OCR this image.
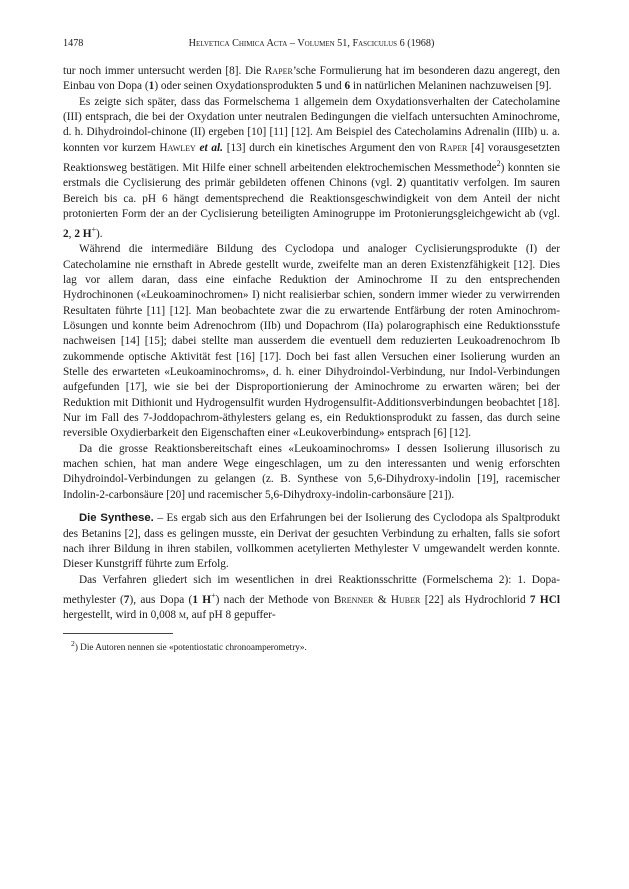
1478	Helvetica Chimica Acta – Volumen 51, Fasciculus 6 (1968)

tur noch immer untersucht werden [8]. Die Raper’sche Formulierung hat im besonderen dazu angeregt, den Einbau von Dopa (1) oder seinen Oxydationsprodukten 5 und 6 in natürlichen Melaninen nachzuweisen [9].

Es zeigte sich später, dass das Formelschema 1 allgemein dem Oxydationsverhalten der Catecholamine (III) entsprach, die bei der Oxydation unter neutralen Bedingungen die vielfach untersuchten Aminochrome, d. h. Dihydroindol-chinone (II) ergeben [10] [11] [12]. Am Beispiel des Catecholamins Adrenalin (IIIb) u. a. konnten vor kurzem Hawley et al. [13] durch ein kinetisches Argument den von Raper [4] vorausgesetzten Reaktionsweg bestätigen. Mit Hilfe einer schnell arbeitenden elektrochemischen Messmethode$^2$) konnten sie erstmals die Cyclisierung des primär gebildeten offenen Chinons (vgl. 2) quantitativ verfolgen. Im sauren Bereich bis ca. pH 6 hängt dementsprechend die Reaktionsgeschwindigkeit von dem Anteil der nicht protonierten Form der an der Cyclisierung beteiligten Aminogruppe im Protonierungsgleichgewicht ab (vgl. 2, 2 H+).

Während die intermediäre Bildung des Cyclodopa und analoger Cyclisierungsprodukte (I) der Catecholamine nie ernsthaft in Abrede gestellt wurde, zweifelte man an deren Existenzfähigkeit [12]. Dies lag vor allem daran, dass eine einfache Reduktion der Aminochrome II zu den entsprechenden Hydrochinonen («Leukoaminochromen» I) nicht realisierbar schien, sondern immer wieder zu verwirrenden Resultaten führte [11] [12]. Man beobachtete zwar die zu erwartende Entfärbung der roten Aminochrom-Lösungen und konnte beim Adrenochrom (IIb) und Dopachrom (IIa) polarographisch eine Reduktionsstufe nachweisen [14] [15]; dabei stellte man ausserdem die eventuell dem reduzierten Leukoadrenochrom Ib zukommende optische Aktivität fest [16] [17]. Doch bei fast allen Versuchen einer Isolierung wurden an Stelle des erwarteten «Leukoaminochroms», d. h. einer Dihydroindol-Verbindung, nur Indol-Verbindungen aufgefunden [17], wie sie bei der Disproportionierung der Aminochrome zu erwarten wären; bei der Reduktion mit Dithionit und Hydrogensulfit wurden Hydrogensulfit-Additionsverbindungen beobachtet [18]. Nur im Fall des 7-Joddopachrom-äthylesters gelang es, ein Reduktionsprodukt zu fassen, das durch seine reversible Oxydierbarkeit den Eigenschaften einer «Leukoverbindung» entsprach [6] [12].

Da die grosse Reaktionsbereitschaft eines «Leukoaminochroms» I dessen Isolierung illusorisch zu machen schien, hat man andere Wege eingeschlagen, um zu den interessanten und wenig erforschten Dihydroindol-Verbindungen zu gelangen (z. B. Synthese von 5,6-Dihydroxy-indolin [19], racemischer Indolin-2-carbonsäure [20] und racemischer 5,6-Dihydroxy-indolin-carbonsäure [21]).

Die Synthese. – Es ergab sich aus den Erfahrungen bei der Isolierung des Cyclodopa als Spaltprodukt des Betanins [2], dass es gelingen musste, ein Derivat der gesuchten Verbindung zu erhalten, falls sie sofort nach ihrer Bildung in ihren stabilen, vollkommen acetylierten Methylester V umgewandelt werden konnte. Dieser Kunstgriff führte zum Erfolg.

Das Verfahren gliedert sich im wesentlichen in drei Reaktionsschritte (Formelschema 2): 1. Dopa-methylester (7), aus Dopa (1 H+) nach der Methode von Brenner & Huber [22] als Hydrochlorid 7 HCl hergestellt, wird in 0,008 m, auf pH 8 gepuffer-

$^2$) Die Autoren nennen sie «potentiostatic chronoamperometry».
